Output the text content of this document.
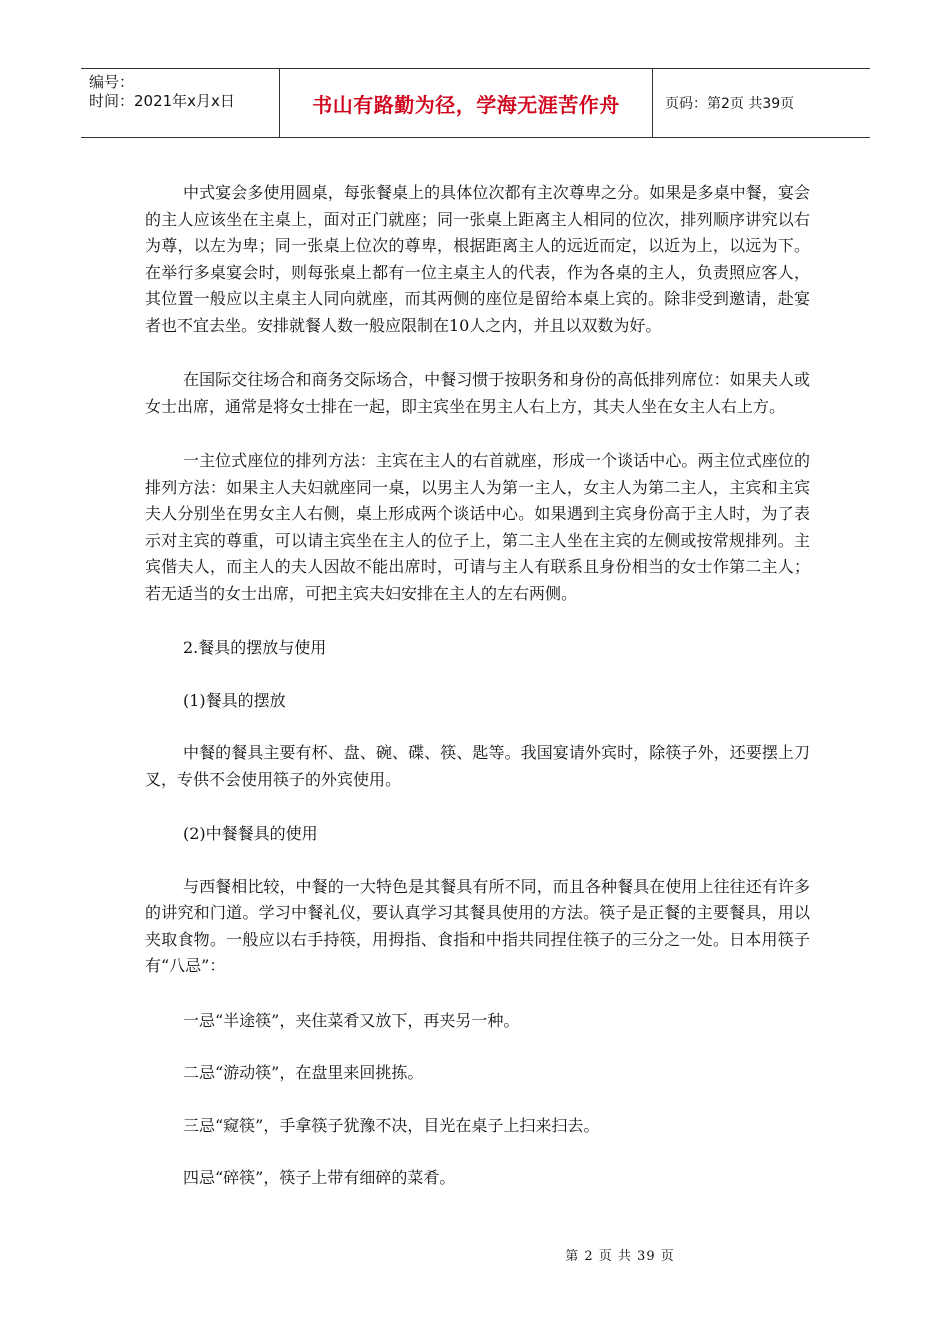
编号：
时间：2021年x月x日	书山有路勤为径，学海无涯苦作舟	页码：第2页 共39页

中式宴会多使用圆桌，每张餐桌上的具体位次都有主次尊卑之分。如果是多桌中餐，宴会的主人应该坐在主桌上，面对正门就座；同一张桌上距离主人相同的位次，排列顺序讲究以右为尊，以左为卑；同一张桌上位次的尊卑，根据距离主人的远近而定，以近为上，以远为下。在举行多桌宴会时，则每张桌上都有一位主桌主人的代表，作为各桌的主人，负责照应客人，其位置一般应以主桌主人同向就座，而其两侧的座位是留给本桌上宾的。除非受到邀请，赴宴者也不宜去坐。安排就餐人数一般应限制在10人之内，并且以双数为好。

在国际交往场合和商务交际场合，中餐习惯于按职务和身份的高低排列席位：如果夫人或女士出席，通常是将女士排在一起，即主宾坐在男主人右上方，其夫人坐在女主人右上方。

一主位式座位的排列方法：主宾在主人的右首就座，形成一个谈话中心。两主位式座位的排列方法：如果主人夫妇就座同一桌，以男主人为第一主人，女主人为第二主人，主宾和主宾夫人分别坐在男女主人右侧，桌上形成两个谈话中心。如果遇到主宾身份高于主人时，为了表示对主宾的尊重，可以请主宾坐在主人的位子上，第二主人坐在主宾的左侧或按常规排列。主宾偕夫人，而主人的夫人因故不能出席时，可请与主人有联系且身份相当的女士作第二主人；若无适当的女士出席，可把主宾夫妇安排在主人的左右两侧。

2.餐具的摆放与使用

(1)餐具的摆放

中餐的餐具主要有杯、盘、碗、碟、筷、匙等。我国宴请外宾时，除筷子外，还要摆上刀叉，专供不会使用筷子的外宾使用。

(2)中餐餐具的使用

与西餐相比较，中餐的一大特色是其餐具有所不同，而且各种餐具在使用上往往还有许多的讲究和门道。学习中餐礼仪，要认真学习其餐具使用的方法。筷子是正餐的主要餐具，用以夹取食物。一般应以右手持筷，用拇指、食指和中指共同捏住筷子的三分之一处。日本用筷子有“八忌”：

一忌“半途筷”，夹住菜肴又放下，再夹另一种。

二忌“游动筷”，在盘里来回挑拣。

三忌“窥筷”，手拿筷子犹豫不决，目光在桌子上扫来扫去。

四忌“碎筷”，筷子上带有细碎的菜肴。

第 2 页 共 39 页
